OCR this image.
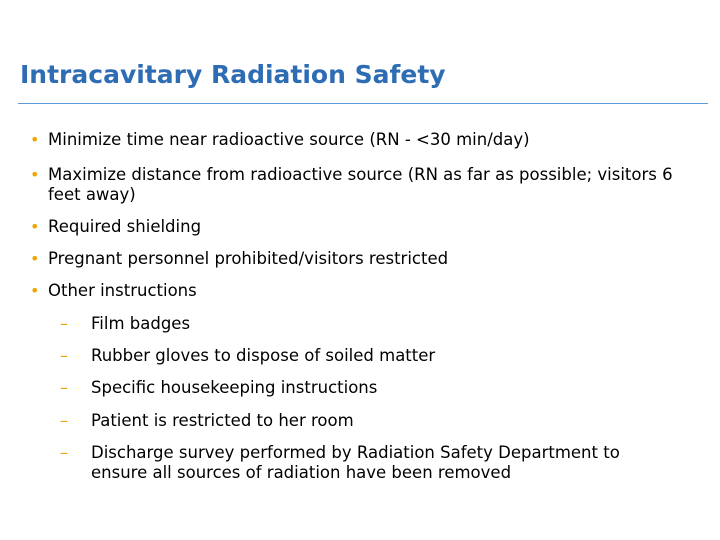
Intracavitary Radiation Safety
• Minimize time near radioactive source (RN - <30 min/day)
• Maximize distance from radioactive source (RN as far as possible; visitors 6 feet away)
• Required shielding
• Pregnant personnel prohibited/visitors restricted
• Other instructions
– Film badges
– Rubber gloves to dispose of soiled matter
– Specific housekeeping instructions
– Patient is restricted to her room
– Discharge survey performed by Radiation Safety Department to ensure all sources of radiation have been removed
